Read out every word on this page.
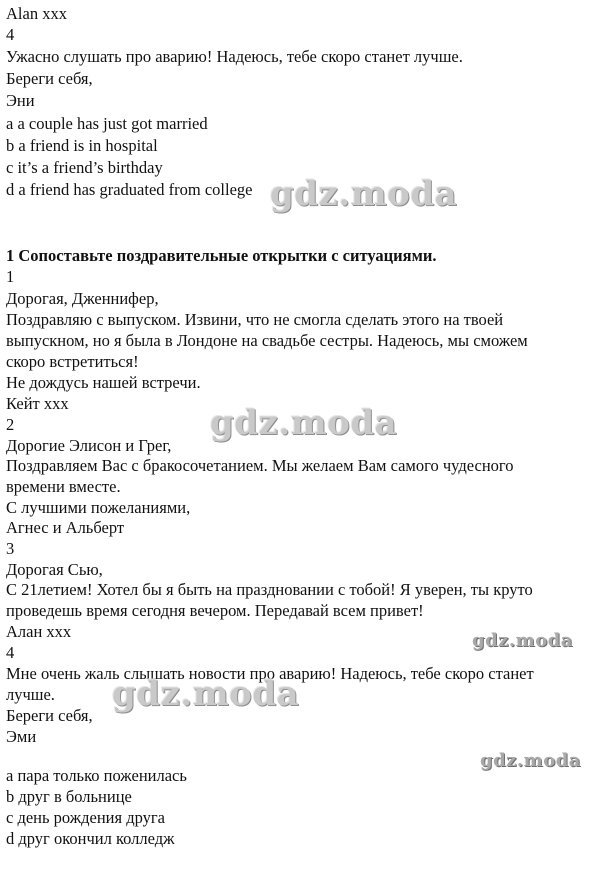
Alan xxx
4
Ужасно слушать про аварию! Надеюсь, тебе скоро станет лучше.
Береги себя,
Эни
a a couple has just got married
b a friend is in hospital
c it’s a friend’s birthday
d a friend has graduated from college
1 Сопоставьте поздравительные открытки с ситуациями.
1
Дорогая, Дженнифер,
Поздравляю с выпуском. Извини, что не смогла сделать этого на твоей
выпускном, но я была в Лондоне на свадьбе сестры. Надеюсь, мы сможем
скоро встретиться!
Не дождусь нашей встречи.
Кейт xxx
2
Дорогие Элисон и Грег,
Поздравляем Вас с бракосочетанием. Мы желаем Вам самого чудесного
времени вместе.
С лучшими пожеланиями,
Агнес и Альберт
3
Дорогая Сью,
С 21летием! Хотел бы я быть на праздновании с тобой! Я уверен, ты круто
проведешь время сегодня вечером. Передавай всем привет!
Алан xxx
4
Мне очень жаль слышать новости про аварию! Надеюсь, тебе скоро станет
лучше.
Береги себя,
Эми
a пара только поженилась
b друг в больнице
c день рождения друга
d друг окончил колледж
gdz.moda
gdz.moda
gdz.moda
gdz.moda
gdz.moda
